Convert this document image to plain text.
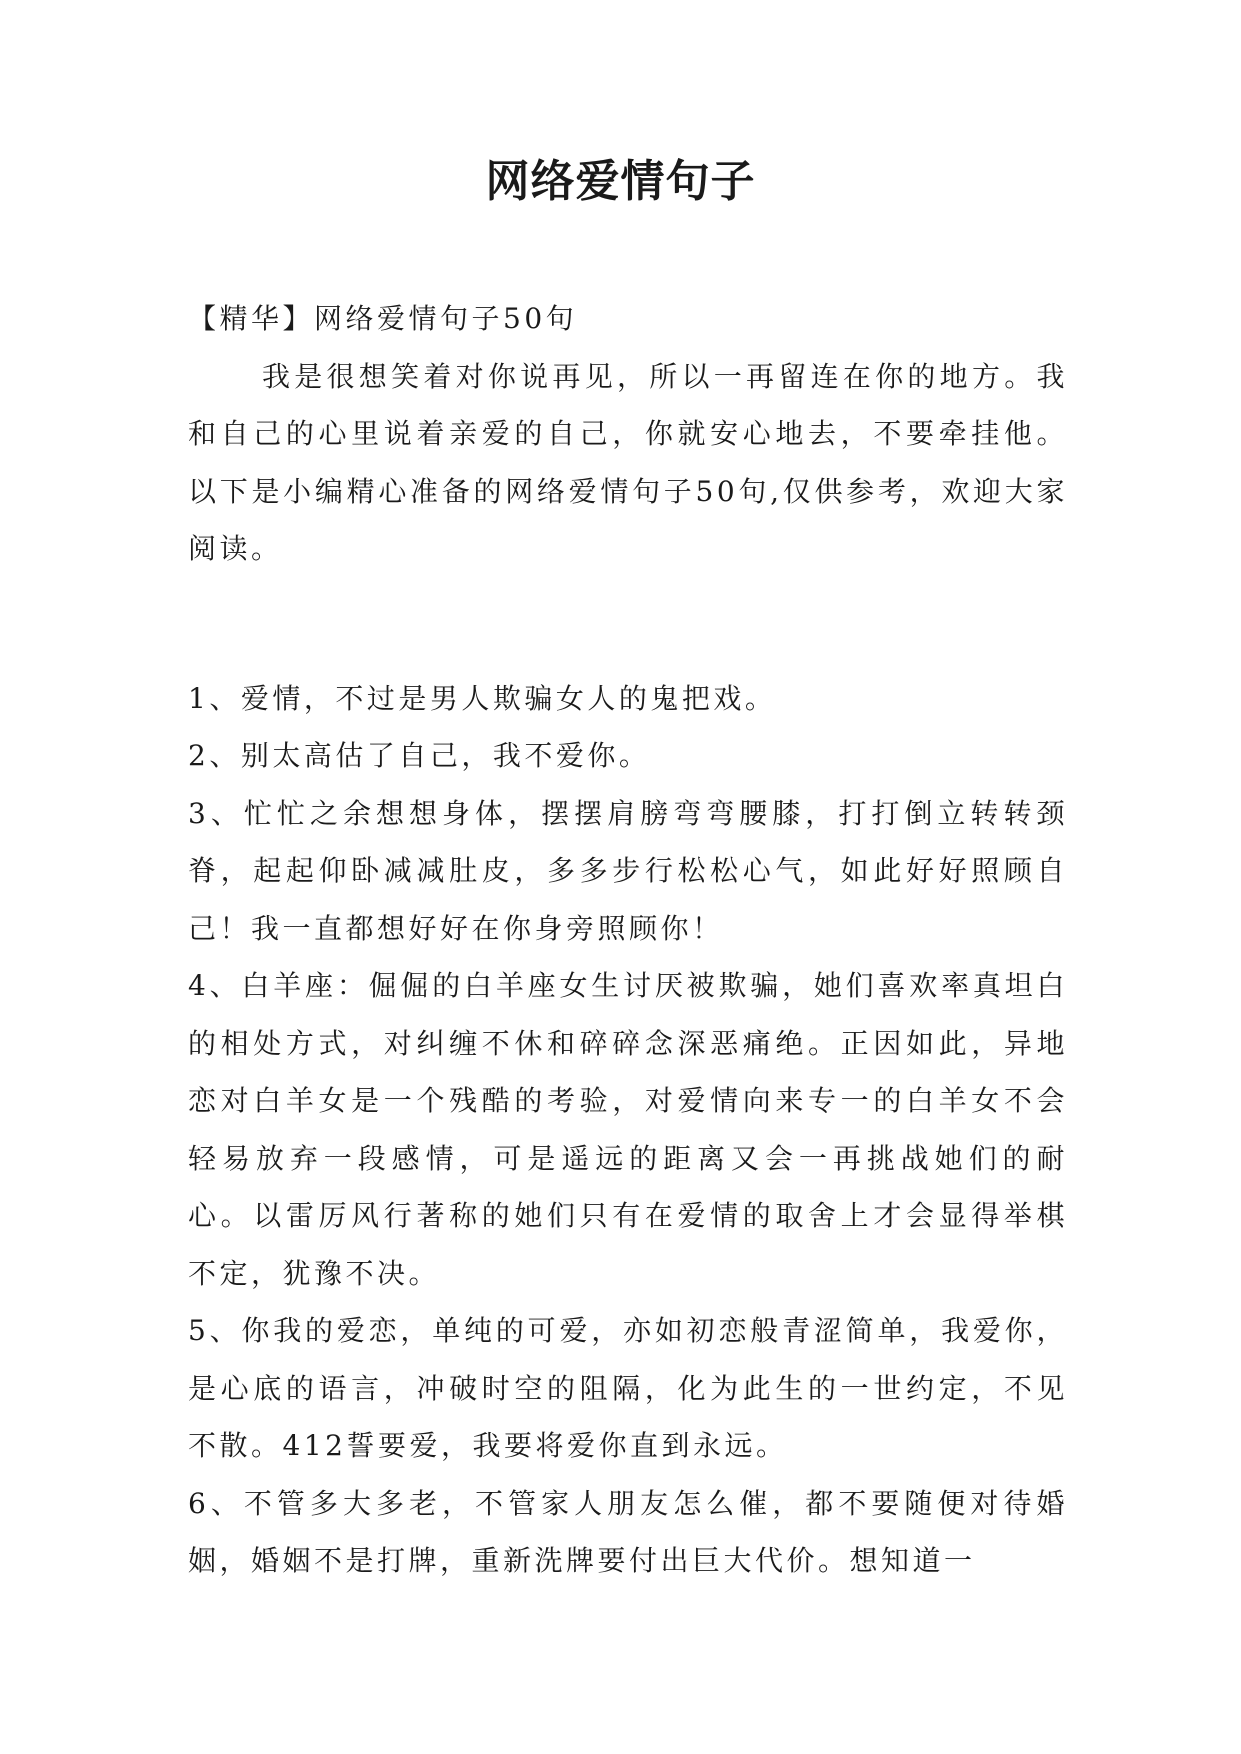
网络爱情句子

【精华】网络爱情句子50句

我是很想笑着对你说再见，所以一再留连在你的地方。我和自己的心里说着亲爱的自己，你就安心地去，不要牵挂他。以下是小编精心准备的网络爱情句子50句,仅供参考，欢迎大家阅读。

1、爱情，不过是男人欺骗女人的鬼把戏。

2、别太高估了自己，我不爱你。

3、忙忙之余想想身体，摆摆肩膀弯弯腰膝，打打倒立转转颈脊，起起仰卧减减肚皮，多多步行松松心气，如此好好照顾自己！我一直都想好好在你身旁照顾你！

4、白羊座：倔倔的白羊座女生讨厌被欺骗，她们喜欢率真坦白的相处方式，对纠缠不休和碎碎念深恶痛绝。正因如此，异地恋对白羊女是一个残酷的考验，对爱情向来专一的白羊女不会轻易放弃一段感情，可是遥远的距离又会一再挑战她们的耐心。以雷厉风行著称的她们只有在爱情的取舍上才会显得举棋不定，犹豫不决。

5、你我的爱恋，单纯的可爱，亦如初恋般青涩简单，我爱你，是心底的语言，冲破时空的阻隔，化为此生的一世约定，不见不散。412誓要爱，我要将爱你直到永远。

6、不管多大多老，不管家人朋友怎么催，都不要随便对待婚姻，婚姻不是打牌，重新洗牌要付出巨大代价。想知道一
